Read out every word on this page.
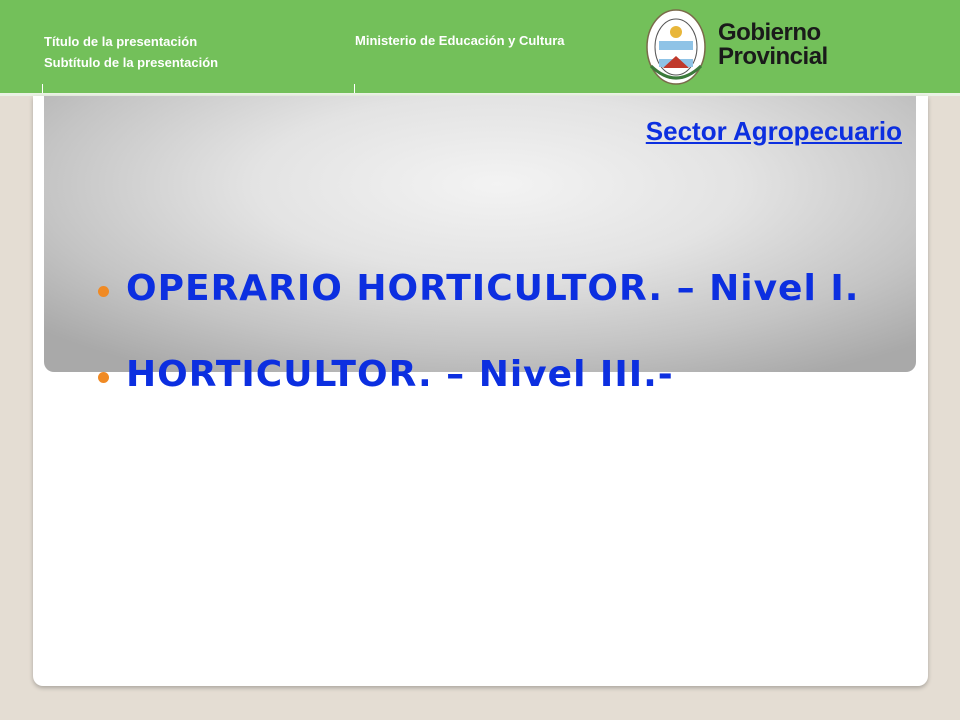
Título de la presentación
Subtítulo de la presentación
Ministerio de Educación y Cultura	Gobierno
Provincial
Sector Agropecuario
OPERARIO HORTICULTOR. – Nivel I.
HORTICULTOR. – Nivel III.-
